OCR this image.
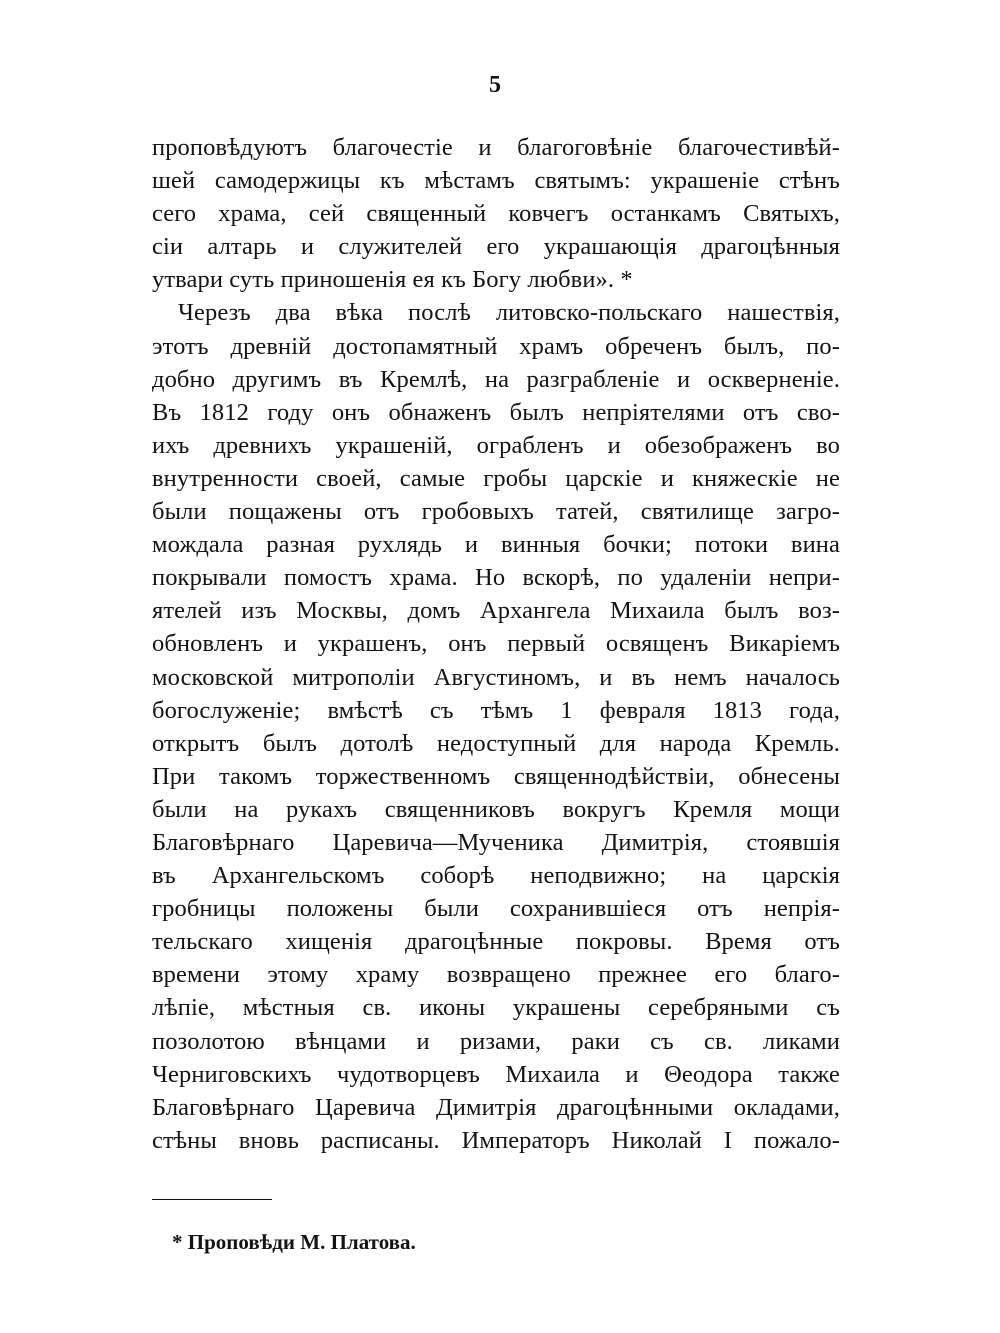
5
проповѣдуютъ благочестіе и благоговѣніе благочестивѣй-
шей самодержицы къ мѣстамъ святымъ: украшеніе стѣнъ
сего храма, сей священный ковчегъ останкамъ Святыхъ,
сіи алтарь и служителей его украшающія драгоцѣнныя
утвари суть приношенія ея къ Богу любви». *
Черезъ два вѣка послѣ литовско-польскаго нашествія,
этотъ древній достопамятный храмъ обреченъ былъ, по-
добно другимъ въ Кремлѣ, на разграбленіе и оскверненіе.
Въ 1812 году онъ обнаженъ былъ непріятелями отъ сво-
ихъ древнихъ украшеній, ограбленъ и обезображенъ во
внутренности своей, самые гробы царскіе и княжескіе не
были пощажены отъ гробовыхъ татей, святилище загро-
мождала разная рухлядь и винныя бочки; потоки вина
покрывали помостъ храма. Но вскорѣ, по удаленіи непри-
ятелей изъ Москвы, домъ Архангела Михаила былъ воз-
обновленъ и украшенъ, онъ первый освященъ Викаріемъ
московской митрополіи Августиномъ, и въ немъ началось
богослуженіе; вмѣстѣ съ тѣмъ 1 февраля 1813 года,
открытъ былъ дотолѣ недоступный для народа Кремль.
При такомъ торжественномъ священнодѣйствіи, обнесены
были на рукахъ священниковъ вокругъ Кремля мощи
Благовѣрнаго Царевича—Мученика Димитрія, стоявшія
въ Архангельскомъ соборѣ неподвижно; на царскія
гробницы положены были сохранившіеся отъ непрія-
тельскаго хищенія драгоцѣнные покровы. Время отъ
времени этому храму возвращено прежнее его благо-
лѣпіе, мѣстныя св. иконы украшены серебряными съ
позолотою вѣнцами и ризами, раки съ св. ликами
Черниговскихъ чудотворцевъ Михаила и Θеодора также
Благовѣрнаго Царевича Димитрія драгоцѣнными окладами,
стѣны вновь расписаны. Императоръ Николай I пожало-
* Проповѣди М. Платова.
